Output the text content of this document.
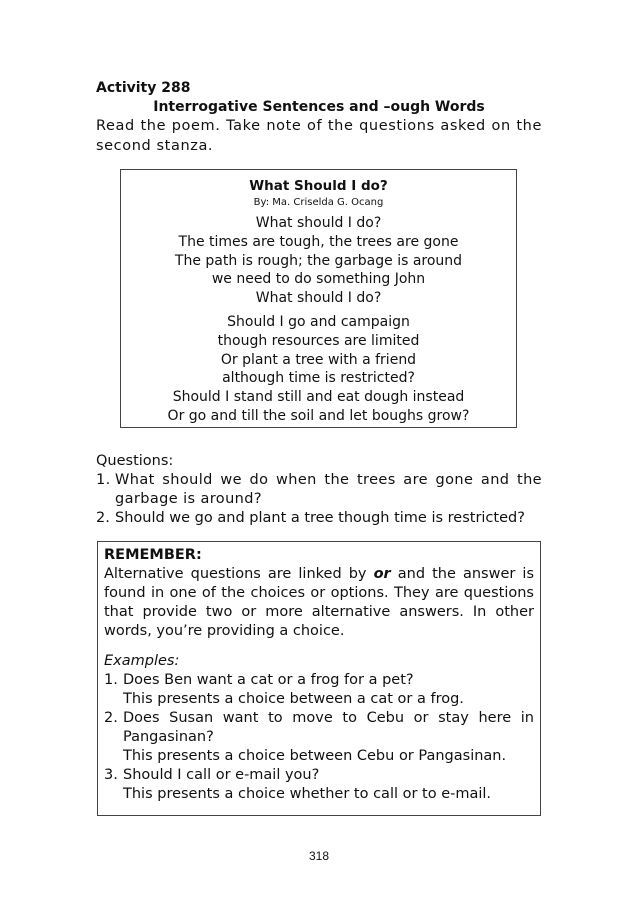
Activity 288
Interrogative Sentences and –ough Words
Read the poem. Take note of the questions asked on the second stanza.
What Should I do?
By: Ma. Criselda G. Ocang
What should I do?
The times are tough, the trees are gone
The path is rough; the garbage is around
we need to do something John
What should I do?
Should I go and campaign
though resources are limited
Or plant a tree with a friend
although time is restricted?
Should I stand still and eat dough instead
Or go and till the soil and let boughs grow?
Questions:
1. What should we do when the trees are gone and the garbage is around?
2. Should we go and plant a tree though time is restricted?
REMEMBER:
Alternative questions are linked by or and the answer is found in one of the choices or options. They are questions that provide two or more alternative answers. In other words, you’re providing a choice.
Examples:
1. Does Ben want a cat or a frog for a pet?
This presents a choice between a cat or a frog.
2. Does Susan want to move to Cebu or stay here in Pangasinan?
This presents a choice between Cebu or Pangasinan.
3. Should I call or e-mail you?
This presents a choice whether to call or to e-mail.
318
